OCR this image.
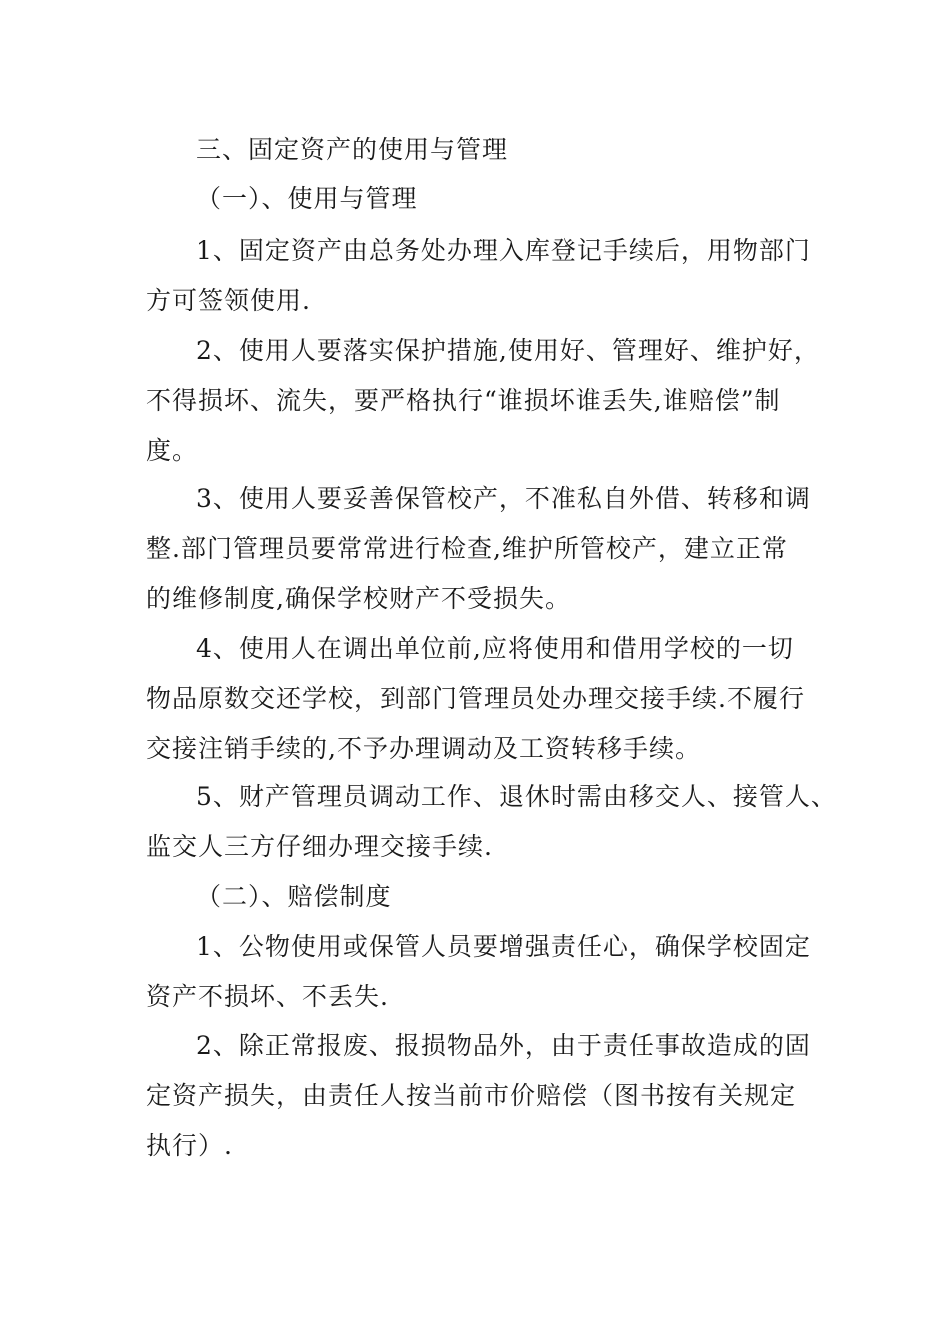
三、固定资产的使用与管理
（一）、使用与管理
1、固定资产由总务处办理入库登记手续后，用物部门
方可签领使用.
2、使用人要落实保护措施,使用好、管理好、维护好，
不得损坏、流失，要严格执行“谁损坏谁丢失,谁赔偿”制
度。
3、使用人要妥善保管校产，不准私自外借、转移和调
整.部门管理员要常常进行检查,维护所管校产，建立正常
的维修制度,确保学校财产不受损失。
4、使用人在调出单位前,应将使用和借用学校的一切
物品原数交还学校，到部门管理员处办理交接手续.不履行
交接注销手续的,不予办理调动及工资转移手续。
5、财产管理员调动工作、退休时需由移交人、接管人、
监交人三方仔细办理交接手续.
（二）、赔偿制度
1、公物使用或保管人员要增强责任心，确保学校固定
资产不损坏、不丢失.
2、除正常报废、报损物品外，由于责任事故造成的固
定资产损失，由责任人按当前市价赔偿（图书按有关规定
执行）.
